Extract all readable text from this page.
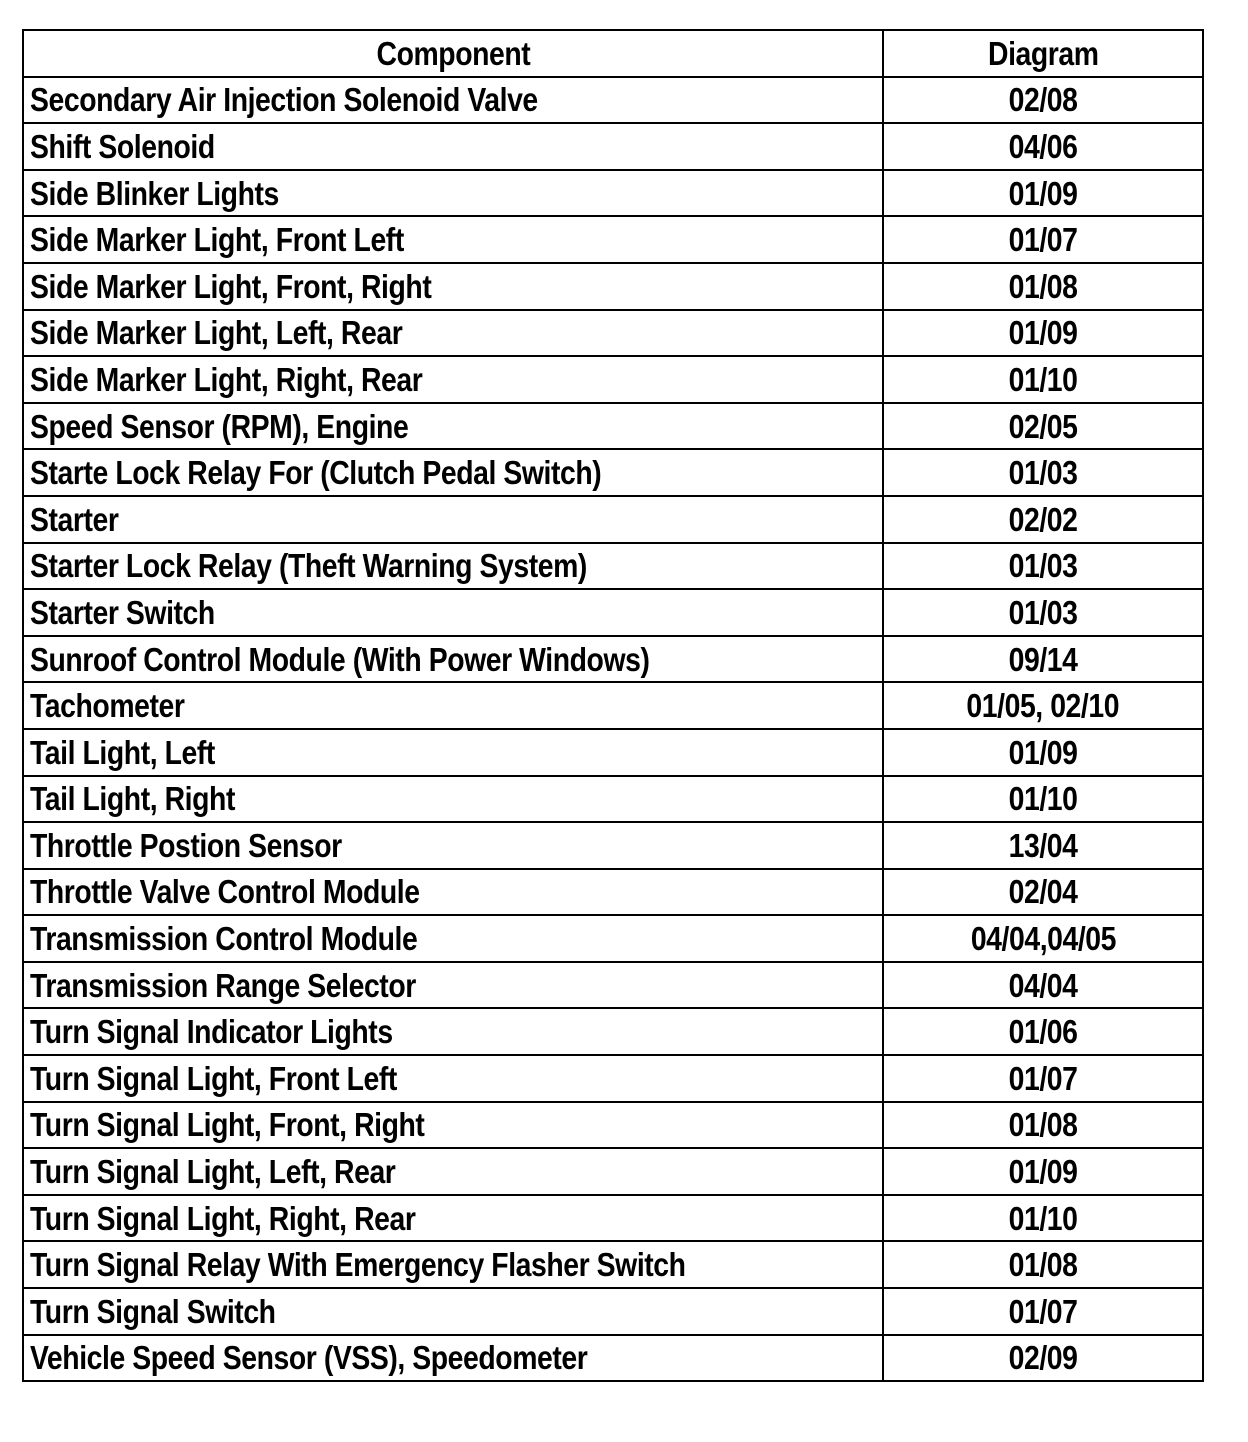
Component	Diagram
Secondary Air Injection Solenoid Valve	02/08
Shift Solenoid	04/06
Side Blinker Lights	01/09
Side Marker Light, Front Left	01/07
Side Marker Light, Front, Right	01/08
Side Marker Light, Left, Rear	01/09
Side Marker Light, Right, Rear	01/10
Speed Sensor (RPM), Engine	02/05
Starte Lock Relay For (Clutch Pedal Switch)	01/03
Starter	02/02
Starter Lock Relay (Theft Warning System)	01/03
Starter Switch	01/03
Sunroof Control Module (With Power Windows)	09/14
Tachometer	01/05, 02/10
Tail Light, Left	01/09
Tail Light, Right	01/10
Throttle Postion Sensor	13/04
Throttle Valve Control Module	02/04
Transmission Control Module	04/04,04/05
Transmission Range Selector	04/04
Turn Signal Indicator Lights	01/06
Turn Signal Light, Front Left	01/07
Turn Signal Light, Front, Right	01/08
Turn Signal Light, Left, Rear	01/09
Turn Signal Light, Right, Rear	01/10
Turn Signal Relay With Emergency Flasher Switch	01/08
Turn Signal Switch	01/07
Vehicle Speed Sensor (VSS), Speedometer	02/09
